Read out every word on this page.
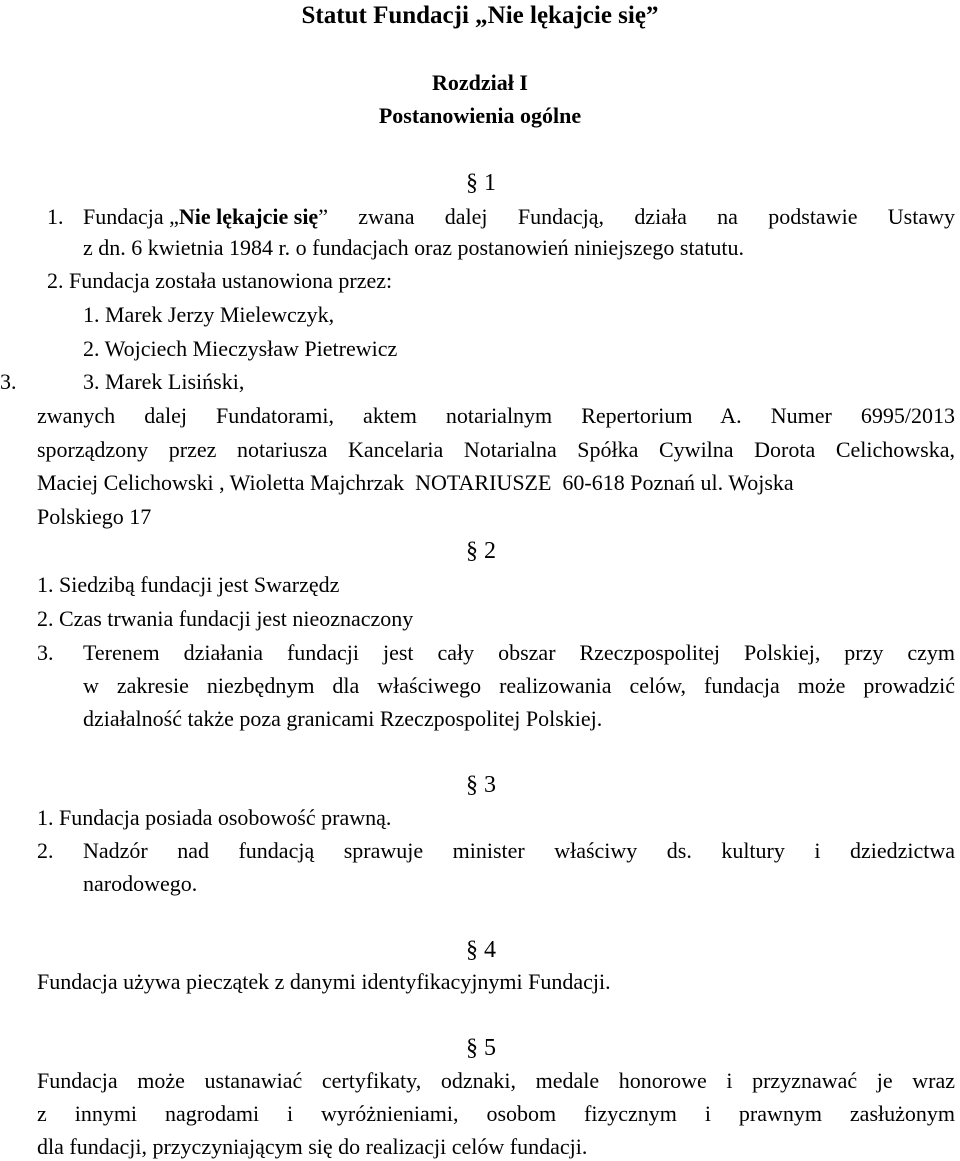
Statut Fundacji „Nie lękajcie się”
Rozdział I
Postanowienia ogólne
§ 1
1. Fundacja „ Nie lękajcie się ” zwana dalej Fundacją, działa na podstawie Ustawy
z dn. 6 kwietnia 1984 r. o fundacjach oraz postanowień niniejszego statutu.
2. Fundacja została ustanowiona przez:
1. Marek Jerzy Mielewczyk,
2. Wojciech Mieczysław Pietrewicz
3.	3. Marek Lisiński,
zwanych dalej Fundatorami, aktem notarialnym Repertorium A. Numer 6995/2013
sporządzony przez notariusza Kancelaria Notarialna Spółka Cywilna Dorota Celichowska,
Maciej Celichowski , Wioletta Majchrzak  NOTARIUSZE  60-618 Poznań ul. Wojska
Polskiego 17
§ 2
1. Siedzibą fundacji jest Swarzędz
2. Czas trwania fundacji jest nieoznaczony
3. Terenem działania fundacji jest cały obszar Rzeczpospolitej Polskiej, przy czym
w zakresie niezbędnym dla właściwego realizowania celów, fundacja może prowadzić
działalność także poza granicami Rzeczpospolitej Polskiej.
§ 3
1. Fundacja posiada osobowość prawną.
2. Nadzór nad fundacją sprawuje minister właściwy ds. kultury i dziedzictwa
narodowego.
§ 4
Fundacja używa pieczątek z danymi identyfikacyjnymi Fundacji.
§ 5
Fundacja może ustanawiać certyfikaty, odznaki, medale honorowe i przyznawać je wraz
z innymi nagrodami i wyróżnieniami, osobom fizycznym i prawnym zasłużonym
dla fundacji, przyczyniającym się do realizacji celów fundacji.
